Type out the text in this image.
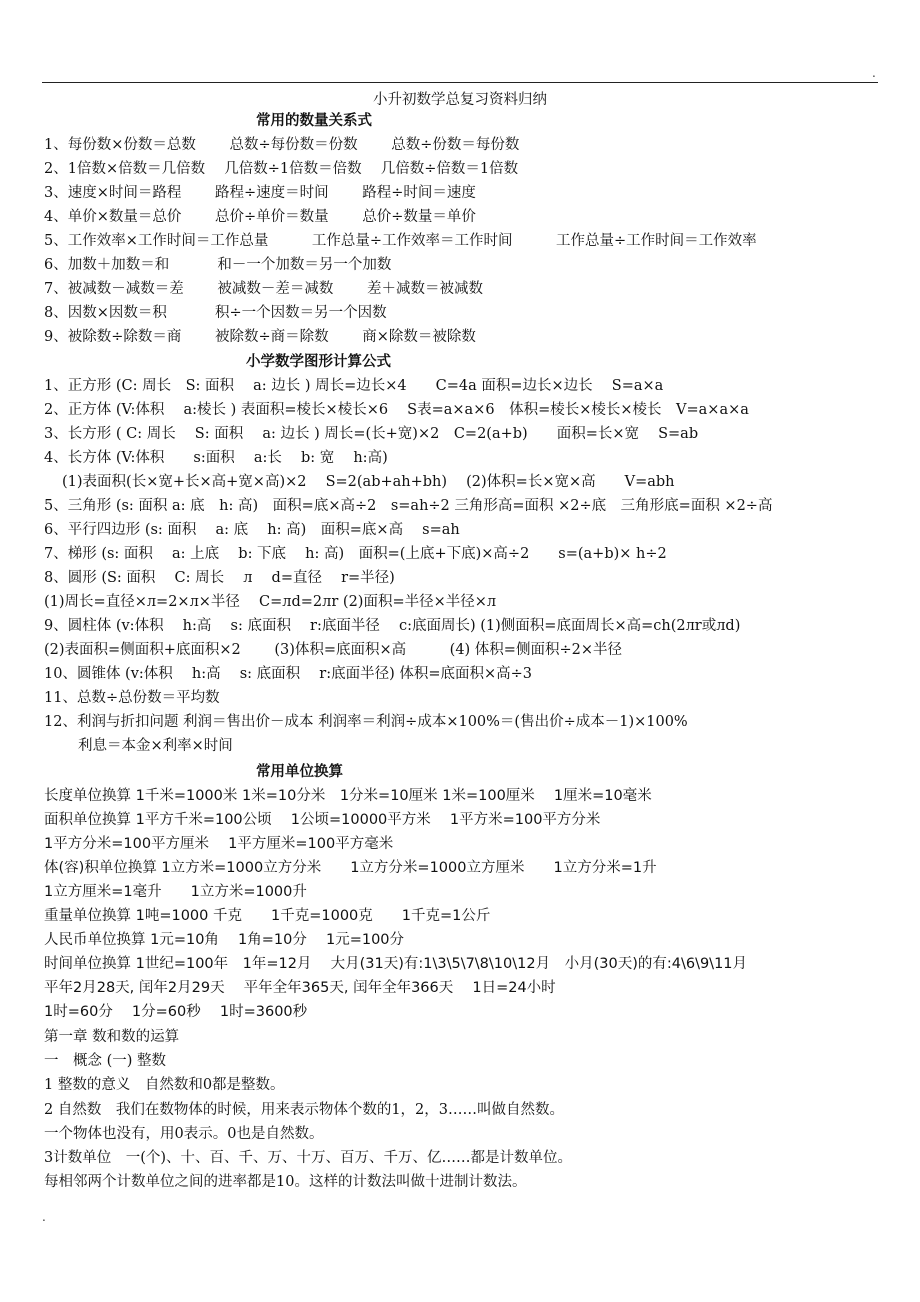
.
小升初数学总复习资料归纳
常用的数量关系式
1、每份数×份数＝总数　　 总数÷每份数＝份数　　 总数÷份数＝每份数
2、1倍数×倍数＝几倍数　 几倍数÷1倍数＝倍数　 几倍数÷倍数＝1倍数
3、速度×时间＝路程　　 路程÷速度＝时间　　 路程÷时间＝速度
4、单价×数量＝总价　　 总价÷单价＝数量　　 总价÷数量＝单价
5、工作效率×工作时间＝工作总量　　　工作总量÷工作效率＝工作时间　　　工作总量÷工作时间＝工作效率
6、加数＋加数＝和　　　 和－一个加数＝另一个加数
7、被减数－减数＝差　　 被减数－差＝减数　　 差＋减数＝被减数
8、因数×因数＝积　　　 积÷一个因数＝另一个因数
9、被除数÷除数＝商　　 被除数÷商＝除数　　 商×除数＝被除数
小学数学图形计算公式
1、正方形 (C: 周长　S: 面积　 a: 边长 ) 周长=边长×4　　C=4a 面积=边长×边长　 S=a×a
2、正方体 (V:体积　 a:棱长 ) 表面积=棱长×棱长×6　 S表=a×a×6　体积=棱长×棱长×棱长　V=a×a×a
3、长方形 ( C: 周长　 S: 面积　 a: 边长 ) 周长=(长+宽)×2　C=2(a+b)　　面积=长×宽　 S=ab
4、长方体 (V:体积　　s:面积　 a:长　 b: 宽　 h:高)
(1)表面积(长×宽+长×高+宽×高)×2　 S=2(ab+ah+bh)　 (2)体积=长×宽×高　　V=abh
5、三角形 (s: 面积 a: 底　h: 高)　面积=底×高÷2　s=ah÷2 三角形高=面积 ×2÷底　三角形底=面积 ×2÷高
6、平行四边形 (s: 面积　 a: 底　 h: 高)　面积=底×高　 s=ah
7、梯形 (s: 面积　 a: 上底　 b: 下底　 h: 高)　面积=(上底+下底)×高÷2　　s=(a+b)× h÷2
8、圆形 (S: 面积　 C: 周长　 л　 d=直径　 r=半径)
(1)周长=直径×л=2×л×半径　 C=лd=2лr (2)面积=半径×半径×л
9、圆柱体 (v:体积　 h:高　 s: 底面积　 r:底面半径　 c:底面周长) (1)侧面积=底面周长×高=ch(2лr或лd)
(2)表面积=侧面积+底面积×2　　 (3)体积=底面积×高　　　(4) 体积=侧面积÷2×半径
10、圆锥体 (v:体积　 h:高　 s: 底面积　 r:底面半径) 体积=底面积×高÷3
11、总数÷总份数＝平均数
12、利润与折扣问题 利润＝售出价－成本 利润率＝利润÷成本×100%＝(售出价÷成本－1)×100%
利息＝本金×利率×时间
常用单位换算
长度单位换算 1千米=1000米 1米=10分米　1分米=10厘米 1米=100厘米　 1厘米=10毫米
面积单位换算 1平方千米=100公顷　 1公顷=10000平方米　 1平方米=100平方分米
1平方分米=100平方厘米　 1平方厘米=100平方毫米
体(容)积单位换算 1立方米=1000立方分米　　1立方分米=1000立方厘米　　1立方分米=1升
1立方厘米=1毫升　　1立方米=1000升
重量单位换算 1吨=1000 千克　　1千克=1000克　　1千克=1公斤
人民币单位换算 1元=10角　 1角=10分　 1元=100分
时间单位换算 1世纪=100年　1年=12月　 大月(31天)有:1\3\5\7\8\10\12月　小月(30天)的有:4\6\9\11月
平年2月28天, 闰年2月29天　 平年全年365天, 闰年全年366天　 1日=24小时
1时=60分　 1分=60秒　 1时=3600秒
第一章 数和数的运算
一　概念 (一) 整数
1 整数的意义　自然数和0都是整数。
2 自然数　我们在数物体的时候，用来表示物体个数的1，2，3……叫做自然数。
一个物体也没有，用0表示。0也是自然数。
3计数单位　一(个)、十、百、千、万、十万、百万、千万、亿……都是计数单位。
每相邻两个计数单位之间的进率都是10。这样的计数法叫做十进制计数法。
.
